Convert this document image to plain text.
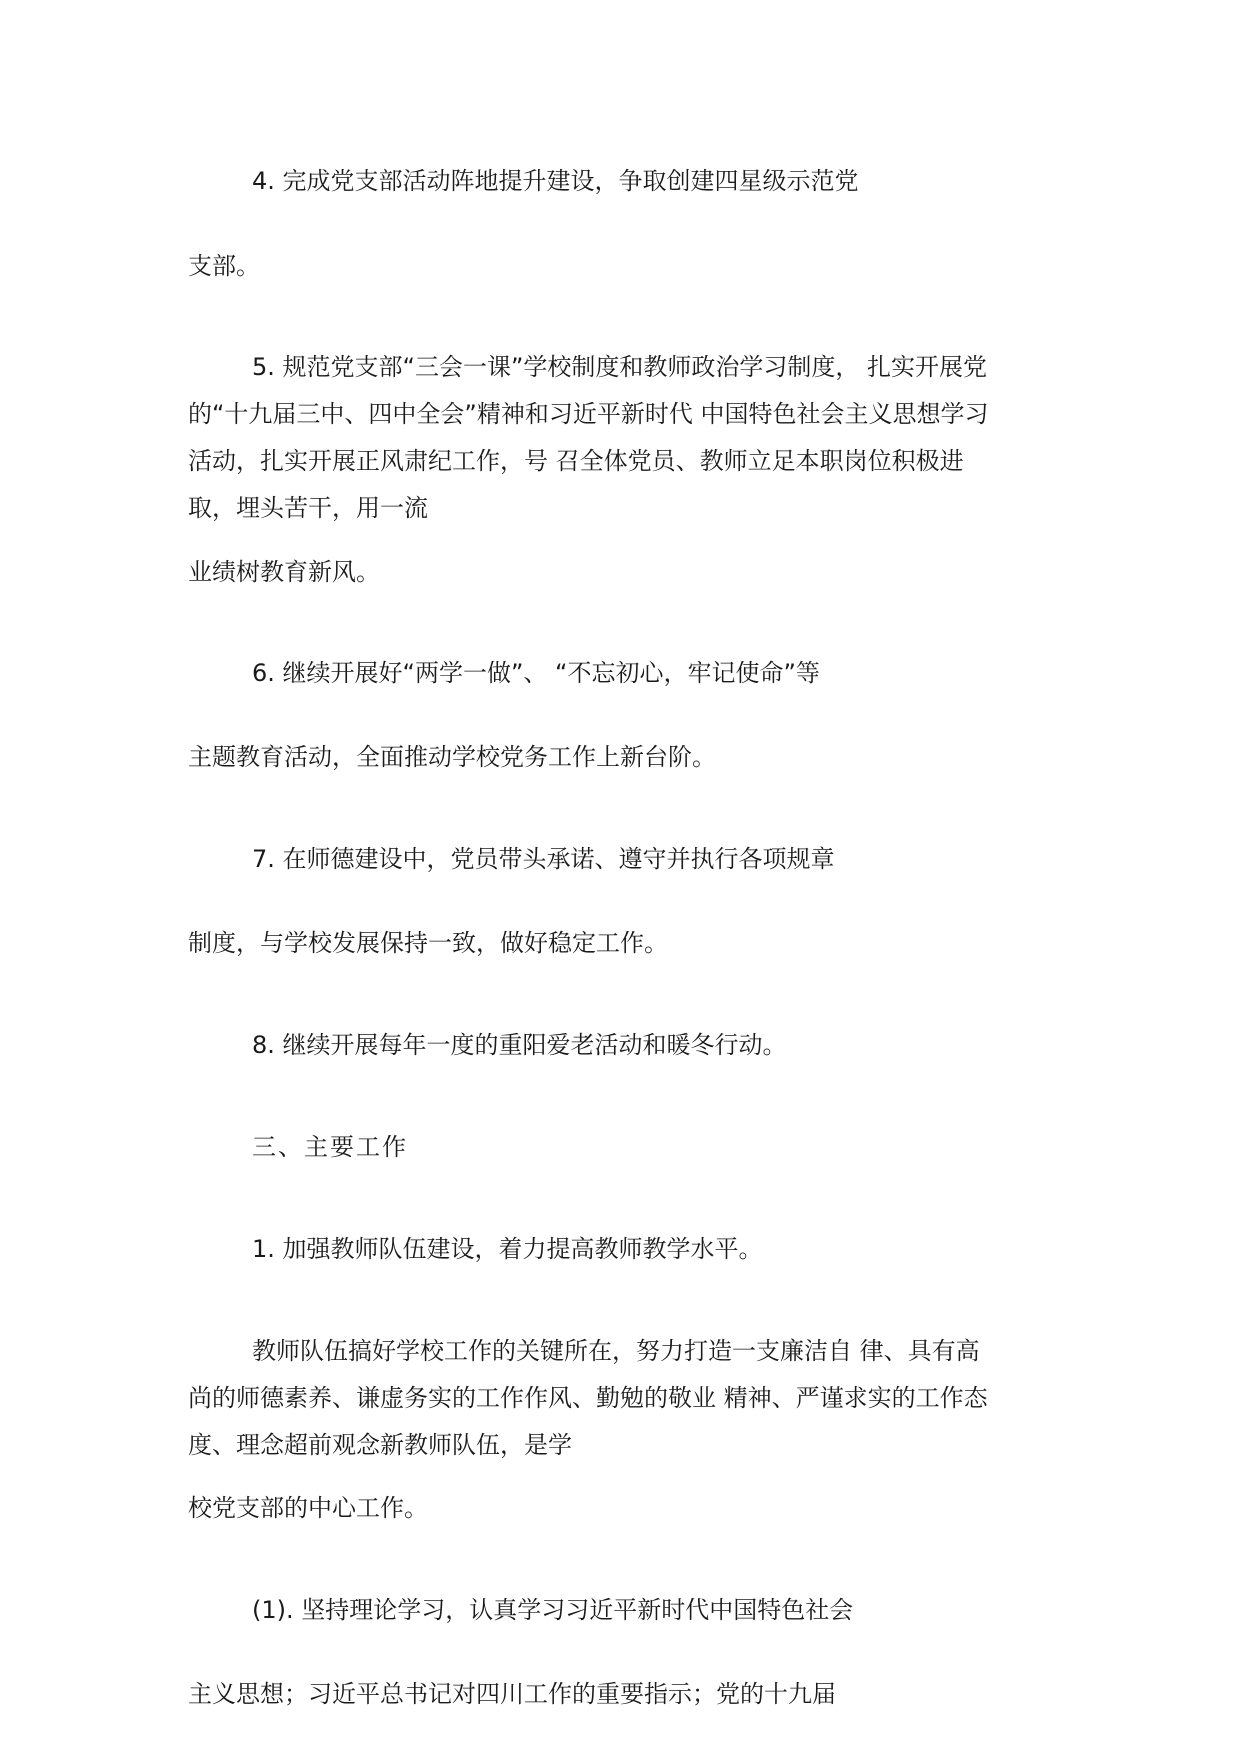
4. 完成党支部活动阵地提升建设，争取创建四星级示范党

支部。

5. 规范党支部“三会一课”学校制度和教师政治学习制度， 扎实开展党

的“十九届三中、四中全会”精神和习近平新时代 中国特色社会主义思想学习

活动，扎实开展正风肃纪工作，号 召全体党员、教师立足本职岗位积极进

取，埋头苦干，用一流

业绩树教育新风。

6. 继续开展好“两学一做”、 “不忘初心，牢记使命”等

主题教育活动，全面推动学校党务工作上新台阶。

7. 在师德建设中，党员带头承诺、遵守并执行各项规章

制度，与学校发展保持一致，做好稳定工作。

8. 继续开展每年一度的重阳爱老活动和暖冬行动。

三、主要工作

1. 加强教师队伍建设，着力提高教师教学水平。

教师队伍搞好学校工作的关键所在，努力打造一支廉洁自 律、具有高

尚的师德素养、谦虚务实的工作作风、勤勉的敬业 精神、严谨求实的工作态

度、理念超前观念新教师队伍，是学

校党支部的中心工作。

(1). 坚持理论学习，认真学习习近平新时代中国特色社会

主义思想；习近平总书记对四川工作的重要指示；党的十九届
